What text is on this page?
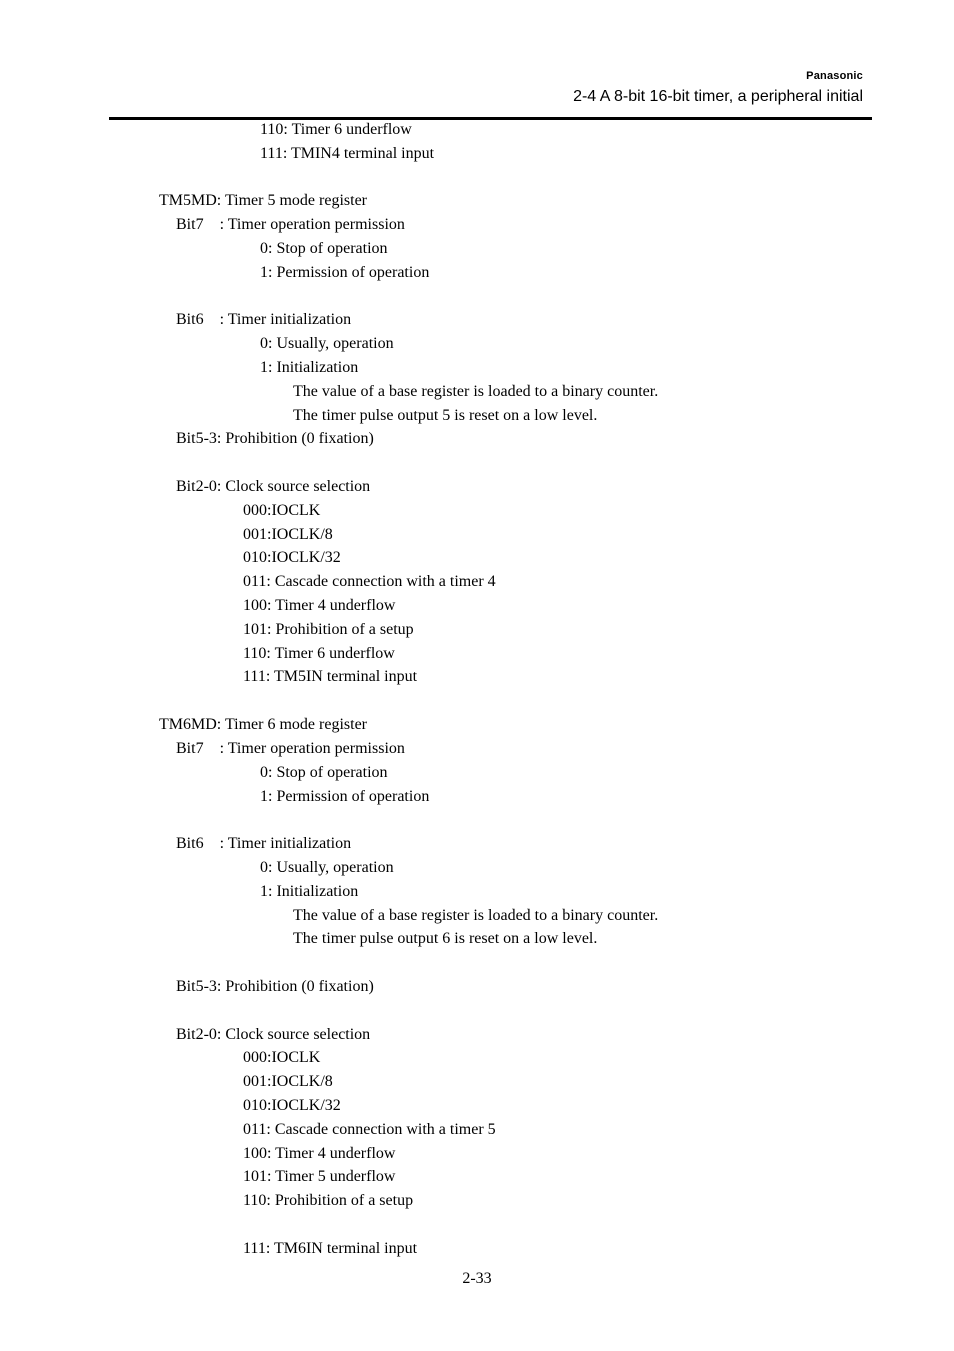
Panasonic
2-4 A 8-bit 16-bit timer, a peripheral initial
110: Timer 6 underflow
111: TMIN4 terminal input
TM5MD: Timer 5 mode register
Bit7    : Timer operation permission
0: Stop of operation
1: Permission of operation
Bit6    : Timer initialization
0: Usually, operation
1: Initialization
The value of a base register is loaded to a binary counter.
The timer pulse output 5 is reset on a low level.
Bit5-3: Prohibition (0 fixation)
Bit2-0: Clock source selection
000:IOCLK
001:IOCLK/8
010:IOCLK/32
011: Cascade connection with a timer 4
100: Timer 4 underflow
101: Prohibition of a setup
110: Timer 6 underflow
111: TM5IN terminal input
TM6MD: Timer 6 mode register
Bit7    : Timer operation permission
0: Stop of operation
1: Permission of operation
Bit6    : Timer initialization
0: Usually, operation
1: Initialization
The value of a base register is loaded to a binary counter.
The timer pulse output 6 is reset on a low level.
Bit5-3: Prohibition (0 fixation)
Bit2-0: Clock source selection
000:IOCLK
001:IOCLK/8
010:IOCLK/32
011: Cascade connection with a timer 5
100: Timer 4 underflow
101: Timer 5 underflow
110: Prohibition of a setup
111: TM6IN terminal input
2-33
